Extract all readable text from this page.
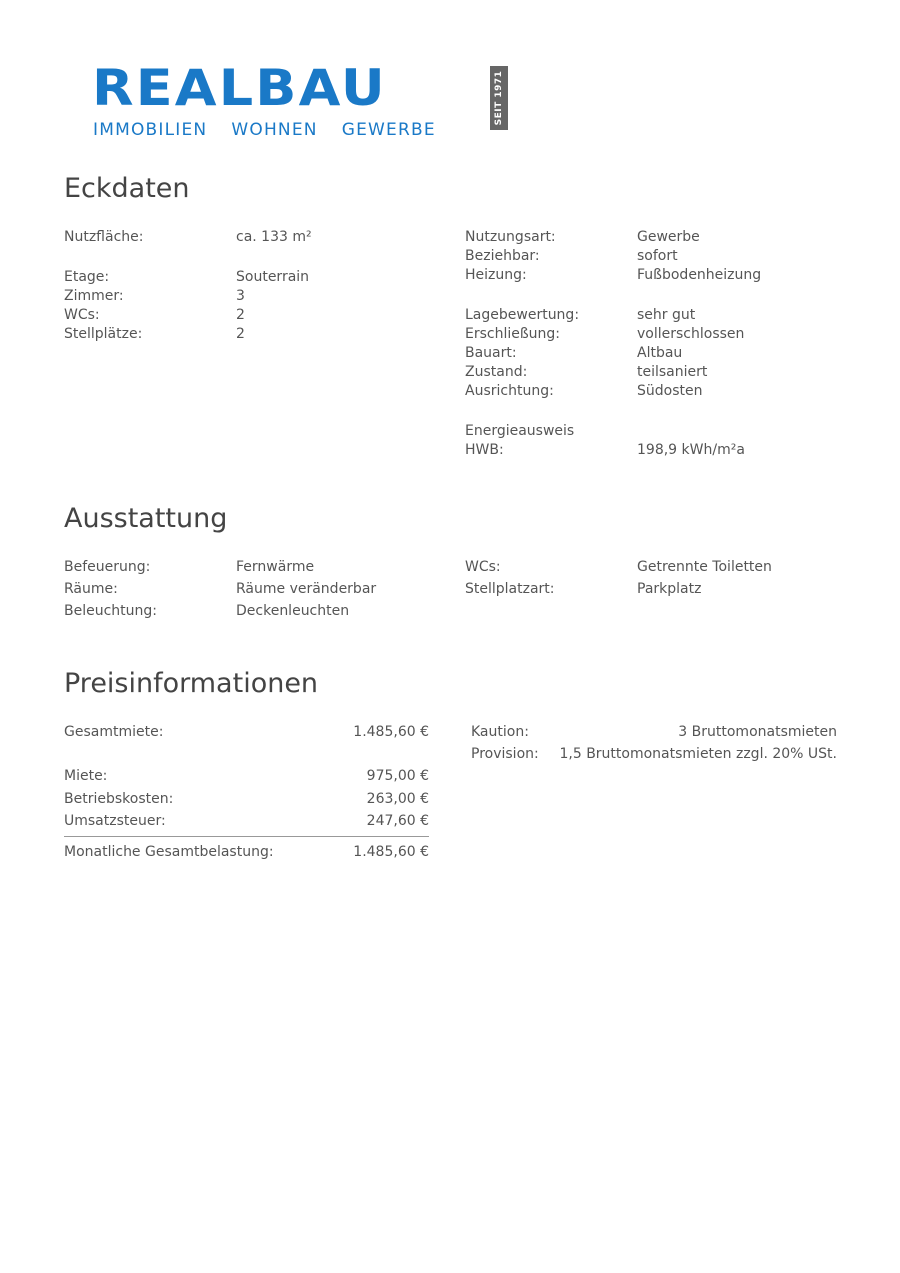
REALBAU
IMMOBILIEN WOHNEN GEWERBE
SEIT 1971
Eckdaten
Nutzfläche:	ca. 133 m²
Etage:	Souterrain
Zimmer:	3
WCs:	2
Stellplätze:	2
Nutzungsart:	Gewerbe
Beziehbar:	sofort
Heizung:	Fußbodenheizung
Lagebewertung:	sehr gut
Erschließung:	vollerschlossen
Bauart:	Altbau
Zustand:	teilsaniert
Ausrichtung:	Südosten
Energieausweis
HWB:	198,9 kWh/m²a
Ausstattung
Befeuerung:	Fernwärme
Räume:	Räume veränderbar
Beleuchtung:	Deckenleuchten
WCs:	Getrennte Toiletten
Stellplatzart:	Parkplatz
Preisinformationen
Gesamtmiete:	1.485,60 €
Miete:	975,00 €
Betriebskosten:	263,00 €
Umsatzsteuer:	247,60 €
Monatliche Gesamtbelastung:	1.485,60 €
Kaution:	3 Bruttomonatsmieten
Provision: 1,5 Bruttomonatsmieten zzgl. 20% USt.
